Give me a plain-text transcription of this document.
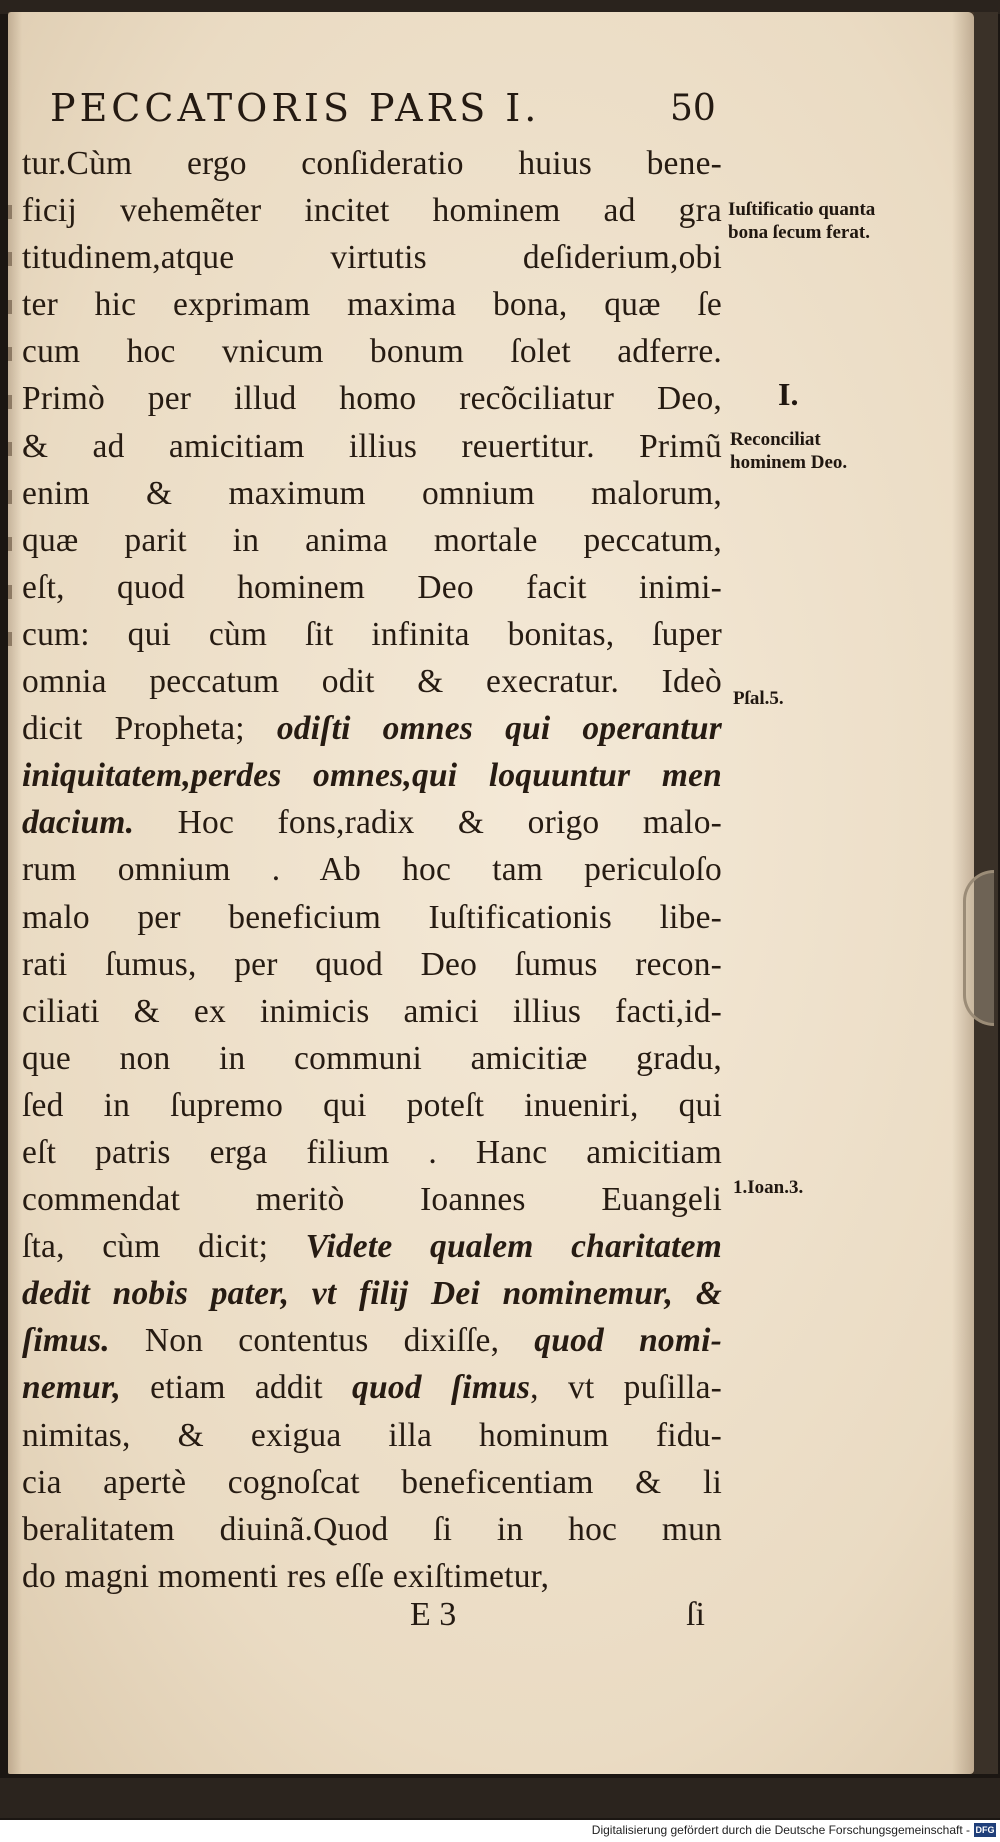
PECCATORIS PARS I.	50
tur.Cùm ergo conſideratio huius bene-
ficij vehemẽter incitet hominem ad gra
titudinem,atque virtutis deſiderium,obi
ter hic exprimam maxima bona, quæ ſe
cum hoc vnicum bonum ſolet adferre.
Primò per illud homo recõciliatur Deo,
& ad amicitiam illius reuertitur. Primũ
enim & maximum omnium malorum,
quæ parit in anima mortale peccatum,
eſt, quod hominem Deo facit inimi-
cum: qui cùm ſit infinita bonitas, ſuper
omnia peccatum odit & execratur. Ideò
dicit Propheta; odiſti omnes qui operantur
iniquitatem,perdes omnes,qui loquuntur men
dacium. Hoc fons,radix & origo malo-
rum omnium . Ab hoc tam periculoſo
malo per beneficium Iuſtificationis libe-
rati ſumus, per quod Deo ſumus recon-
ciliati & ex inimicis amici illius facti,id-
que non in communi amicitiæ gradu,
ſed in ſupremo qui poteſt inueniri, qui
eſt patris erga filium . Hanc amicitiam
commendat meritò Ioannes Euangeli
ſta, cùm dicit; Videte qualem charitatem
dedit nobis pater, vt filij Dei nominemur, &
ſimus. Non contentus dixiſſe, quod nomi-
nemur, etiam addit quod ſimus, vt puſilla-
nimitas, & exigua illa hominum fidu-
cia apertè cognoſcat beneficentiam & li
beralitatem diuinã.Quod ſi in hoc mun
do magni momenti res eſſe exiſtimetur,
Iuſtificatio quanta bona ſecum ferat.
I.
Reconciliat hominem Deo.
Pſal.5.
1.Ioan.3.
E 3	ſi
Digitalisierung gefördert durch die Deutsche Forschungsgemeinschaft - DFG
